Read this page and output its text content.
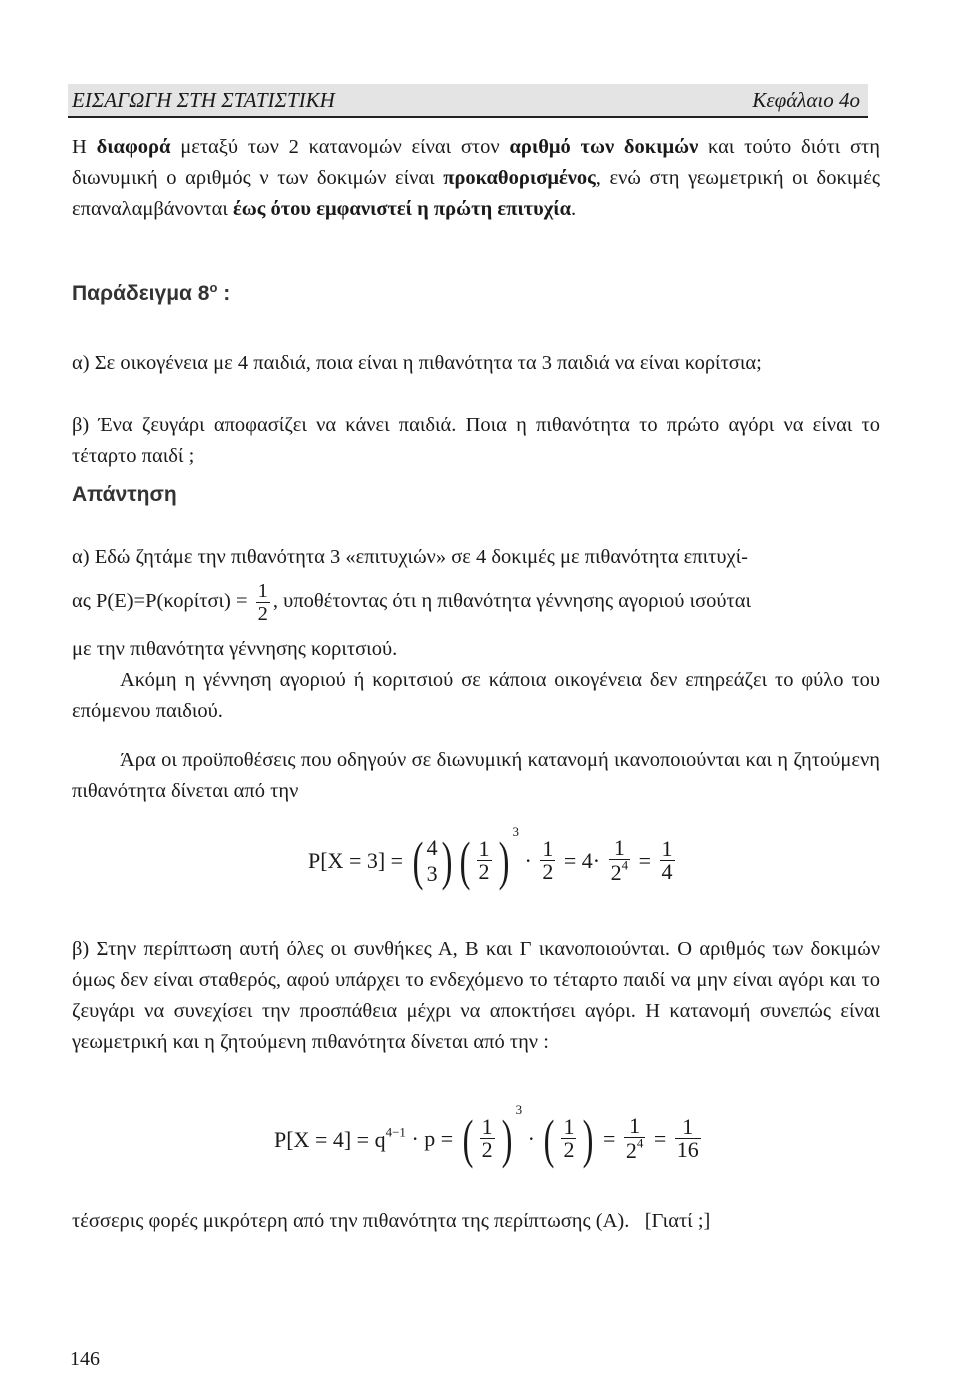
ΕΙΣΑΓΩΓΗ ΣΤΗ ΣΤΑΤΙΣΤΙΚΗ	Κεφάλαιο 4ο

Η διαφορά μεταξύ των 2 κατανομών είναι στον αριθμό των δοκιμών και τούτο διότι στη διωνυμική ο αριθμός ν των δοκιμών είναι προκαθορισμένος, ενώ στη γεωμετρική οι δοκιμές επαναλαμβάνονται έως ότου εμφανιστεί η πρώτη επιτυχία.

Παράδειγμα $8^o$ :

α) Σε οικογένεια με 4 παιδιά, ποια είναι η πιθανότητα τα 3 παιδιά να είναι κορίτσια;

β) Ένα ζευγάρι αποφασίζει να κάνει παιδιά. Ποια η πιθανότητα το πρώτο αγόρι να είναι το τέταρτο παιδί ;

Απάντηση

α) Εδώ ζητάμε την πιθανότητα 3 «επιτυχιών» σε 4 δοκιμές με πιθανότητα επιτυχί-

ας $P(E)=P(\kappa o\rho ί\tau\sigma\iota) = \frac{1}{2}$ , υποθέτοντας ότι η πιθανότητα γέννησης αγοριού ισούται

με την πιθανότητα γέννησης κοριτσιού.

Ακόμη η γέννηση αγοριού ή κοριτσιού σε κάποια οικογένεια δεν επηρεάζει το φύλο του επόμενου παιδιού.

Άρα οι προϋποθέσεις που οδηγούν σε διωνυμική κατανομή ικανοποιούνται και η ζητούμενη πιθανότητα δίνεται από την

P[X = 3] = ( 4
3 ) ( $\frac{1}{2}$ ) $^3 \cdot \frac{1}{2} = 4\cdot \frac{1}{2^4} = \frac{1}{4}$

β) Στην περίπτωση αυτή όλες οι συνθήκες Α, Β και Γ ικανοποιούνται. Ο αριθμός των δοκιμών όμως δεν είναι σταθερός, αφού υπάρχει το ενδεχόμενο το τέταρτο παιδί να μην είναι αγόρι και το ζευγάρι να συνεχίσει την προσπάθεια μέχρι να αποκτήσει αγόρι. Η κατανομή συνεπώς είναι γεωμετρική και η ζητούμενη πιθανότητα δίνεται από την :

$P[X = 4] = q^{4-1} \cdot p$ = ( $\frac{1}{2}$ ) $^3$ · ( $\frac{1}{2}$ ) = $\frac{1}{2^4} = \frac{1}{16}$

τέσσερις φορές μικρότερη από την πιθανότητα της περίπτωσης (Α).   [Γιατί ;]

146
